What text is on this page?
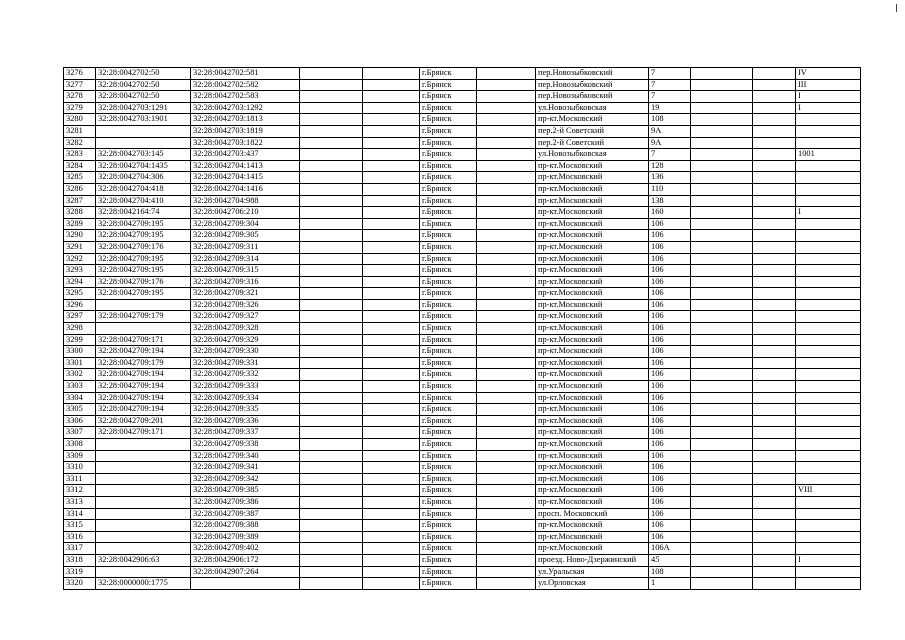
3276	32:28:0042702:50	32:28:0042702:581			г.Брянск		пер.Новозыбковский	7			IV
3277	32:28:0042702:50	32:28:0042702:582			г.Брянск		пер.Новозыбковский	7			III
3278	32:28:0042702:50	32:28:0042702:583			г.Брянск		пер.Новозыбковский	7			I
3279	32:28:0042703:1291	32:28:0042703:1292			г.Брянск		ул.Новозыбковская	19			I
3280	32:28:0042703:1901	32:28:0042703:1813			г.Брянск		пр-кт.Московский	108			
3281		32:28:0042703:1819			г.Брянск		пер.2-й Советский	9А			
3282		32:28:0042703:1822			г.Брянск		пер.2-й Советский	9А			
3283	32:28:0042703:145	32:28:0042703:437			г.Брянск		ул.Новозыбковская	7			1001
3284	32:28:0042704:1435	32:28:0042704:1413			г.Брянск		пр-кт.Московский	128			
3285	32:28:0042704:306	32:28:0042704:1415			г.Брянск		пр-кт.Московский	136			
3286	32:28:0042704:418	32:28:0042704:1416			г.Брянск		пр-кт.Московский	110			
3287	32:28:0042704:410	32:28:0042704:988			г.Брянск		пр-кт.Московский	138			
3288	32:28:0042164:74	32:28:0042706:210			г.Брянск		пр-кт.Московский	160			I
3289	32:28:0042709:195	32:28:0042709:304			г.Брянск		пр-кт.Московский	106			
3290	32:28:0042709:195	32:28:0042709:305			г.Брянск		пр-кт.Московский	106			
3291	32:28:0042709:176	32:28:0042709:311			г.Брянск		пр-кт.Московский	106			
3292	32:28:0042709:195	32:28:0042709:314			г.Брянск		пр-кт.Московский	106			
3293	32:28:0042709:195	32:28:0042709:315			г.Брянск		пр-кт.Московский	106			
3294	32:28:0042709:176	32:28:0042709:316			г.Брянск		пр-кт.Московский	106			
3295	32:28:0042709:195	32:28:0042709:321			г.Брянск		пр-кт.Московский	106			
3296		32:28:0042709:326			г.Брянск		пр-кт.Московский	106			
3297	32:28:0042709:179	32:28:0042709:327			г.Брянск		пр-кт.Московский	106			
3298		32:28:0042709:328			г.Брянск		пр-кт.Московский	106			
3299	32:28:0042709:171	32:28:0042709:329			г.Брянск		пр-кт.Московский	106			
3300	32:28:0042709:194	32:28:0042709:330			г.Брянск		пр-кт.Московский	106			
3301	32:28:0042709:179	32:28:0042709:331			г.Брянск		пр-кт.Московский	106			
3302	32:28:0042709:194	32:28:0042709:332			г.Брянск		пр-кт.Московский	106			
3303	32:28:0042709:194	32:28:0042709:333			г.Брянск		пр-кт.Московский	106			
3304	32:28:0042709:194	32:28:0042709:334			г.Брянск		пр-кт.Московский	106			
3305	32:28:0042709:194	32:28:0042709:335			г.Брянск		пр-кт.Московский	106			
3306	32:28:0042709:201	32:28:0042709:336			г.Брянск		пр-кт.Московский	106			
3307	32:28:0042709:171	32:28:0042709:337			г.Брянск		пр-кт.Московский	106			
3308		32:28:0042709:338			г.Брянск		пр-кт.Московский	106			
3309		32:28:0042709:340			г.Брянск		пр-кт.Московский	106			
3310		32:28:0042709:341			г.Брянск		пр-кт.Московский	106			
3311		32:28:0042709:342			г.Брянск		пр-кт.Московский	106			
3312		32:28:0042709:385			г.Брянск		пр-кт.Московский	106			VIII
3313		32:28:0042709:386			г.Брянск		пр-кт.Московский	106			
3314		32:28:0042709:387			г.Брянск		просп. Московский	106			
3315		32:28:0042709:388			г.Брянск		пр-кт.Московский	106			
3316		32:28:0042709:389			г.Брянск		пр-кт.Московский	106			
3317		32:28:0042709:402			г.Брянск		пр-кт.Московский	106А			
3318	32:28:0042906:63	32:28:0042906:172			г.Брянск		проезд. Ново-Дзержинский	45			I
3319		32:28:0042907:264			г.Брянск		ул.Уральская	108			
3320	32:28:0000000:1775				г.Брянск		ул.Орловская	1			
